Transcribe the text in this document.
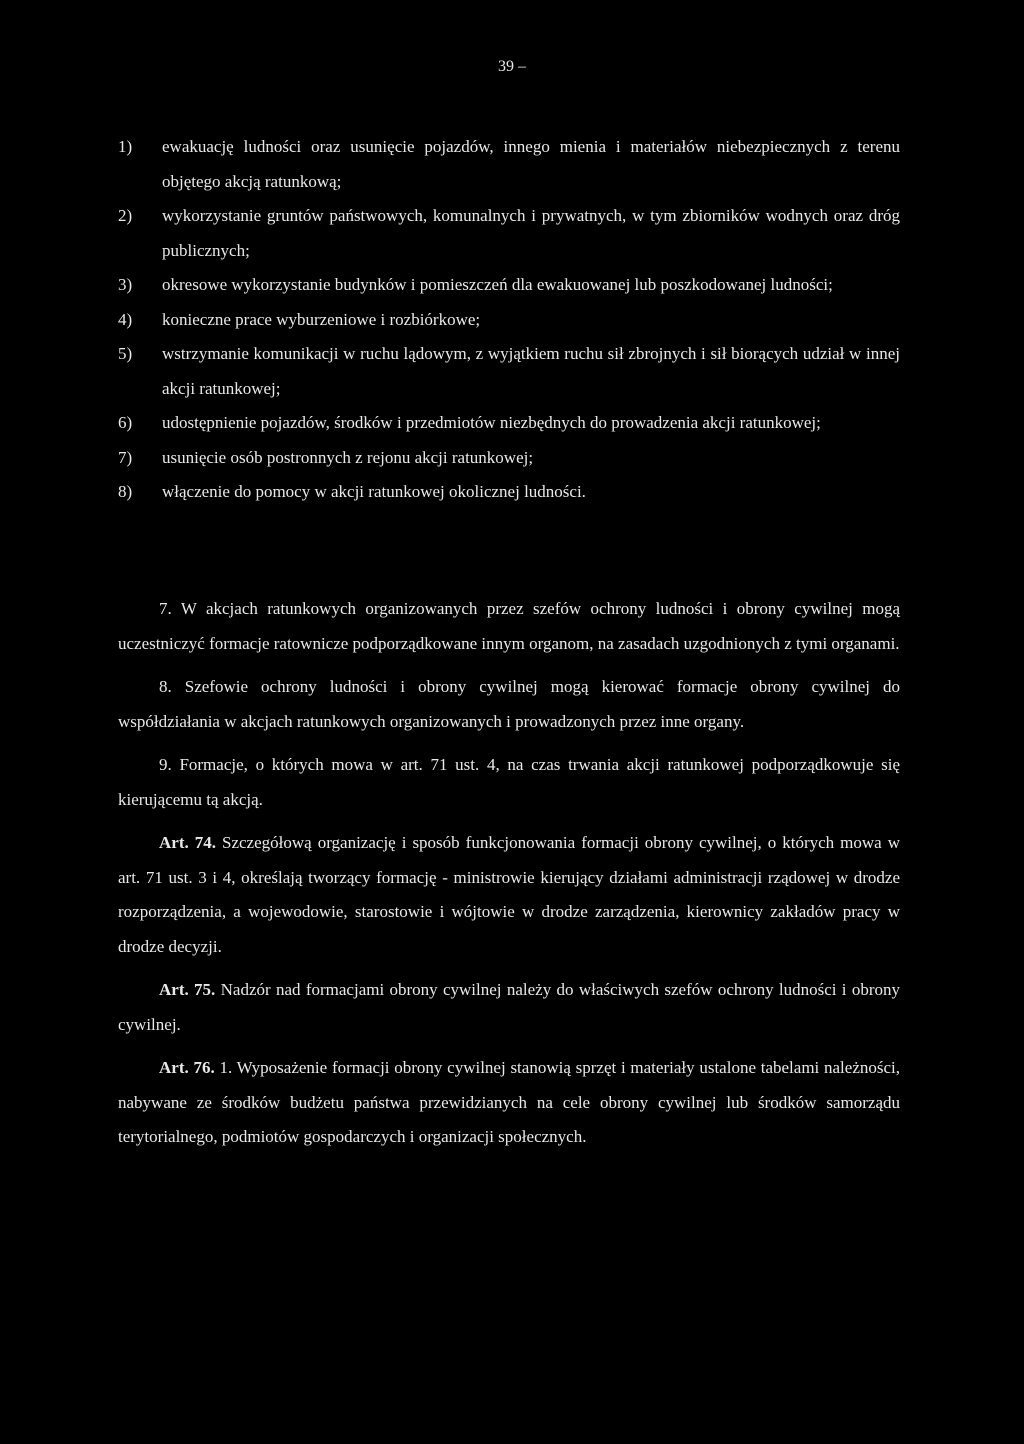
39 –
1)	ewakuację ludności oraz usunięcie pojazdów, innego mienia i materiałów niebezpiecznych z terenu objętego akcją ratunkową;
2)	wykorzystanie gruntów państwowych, komunalnych i prywatnych, w tym zbiorników wodnych oraz dróg publicznych;
3)	okresowe wykorzystanie budynków i pomieszczeń dla ewakuowanej lub poszkodowanej ludności;
4)	konieczne prace wyburzeniowe i rozbiórkowe;
5)	wstrzymanie komunikacji w ruchu lądowym, z wyjątkiem ruchu sił zbrojnych i sił biorących udział w innej akcji ratunkowej;
6)	udostępnienie pojazdów, środków i przedmiotów niezbędnych do prowadzenia akcji ratunkowej;
7)	usunięcie osób postronnych z rejonu akcji ratunkowej;
8)	włączenie do pomocy w akcji ratunkowej okolicznej ludności.

7. W akcjach ratunkowych organizowanych przez szefów ochrony ludności i obrony cywilnej mogą uczestniczyć formacje ratownicze podporządkowane innym organom, na zasadach uzgodnionych z tymi organami.

8. Szefowie ochrony ludności i obrony cywilnej mogą kierować formacje obrony cywilnej do współdziałania w akcjach ratunkowych organizowanych i prowadzonych przez inne organy.

9. Formacje, o których mowa w art. 71 ust. 4, na czas trwania akcji ratunkowej podporządkowuje się kierującemu tą akcją.

Art. 74. Szczegółową organizację i sposób funkcjonowania formacji obrony cywilnej, o których mowa w art. 71 ust. 3 i 4, określają tworzący formację - ministrowie kierujący działami administracji rządowej w drodze rozporządzenia, a wojewodowie, starostowie i wójtowie w drodze zarządzenia, kierownicy zakładów pracy w drodze decyzji.

Art. 75. Nadzór nad formacjami obrony cywilnej należy do właściwych szefów ochrony ludności i obrony cywilnej.

Art. 76. 1. Wyposażenie formacji obrony cywilnej stanowią sprzęt i materiały ustalone tabelami należności, nabywane ze środków budżetu państwa przewidzianych na cele obrony cywilnej lub środków samorządu terytorialnego, podmiotów gospodarczych i organizacji społecznych.
